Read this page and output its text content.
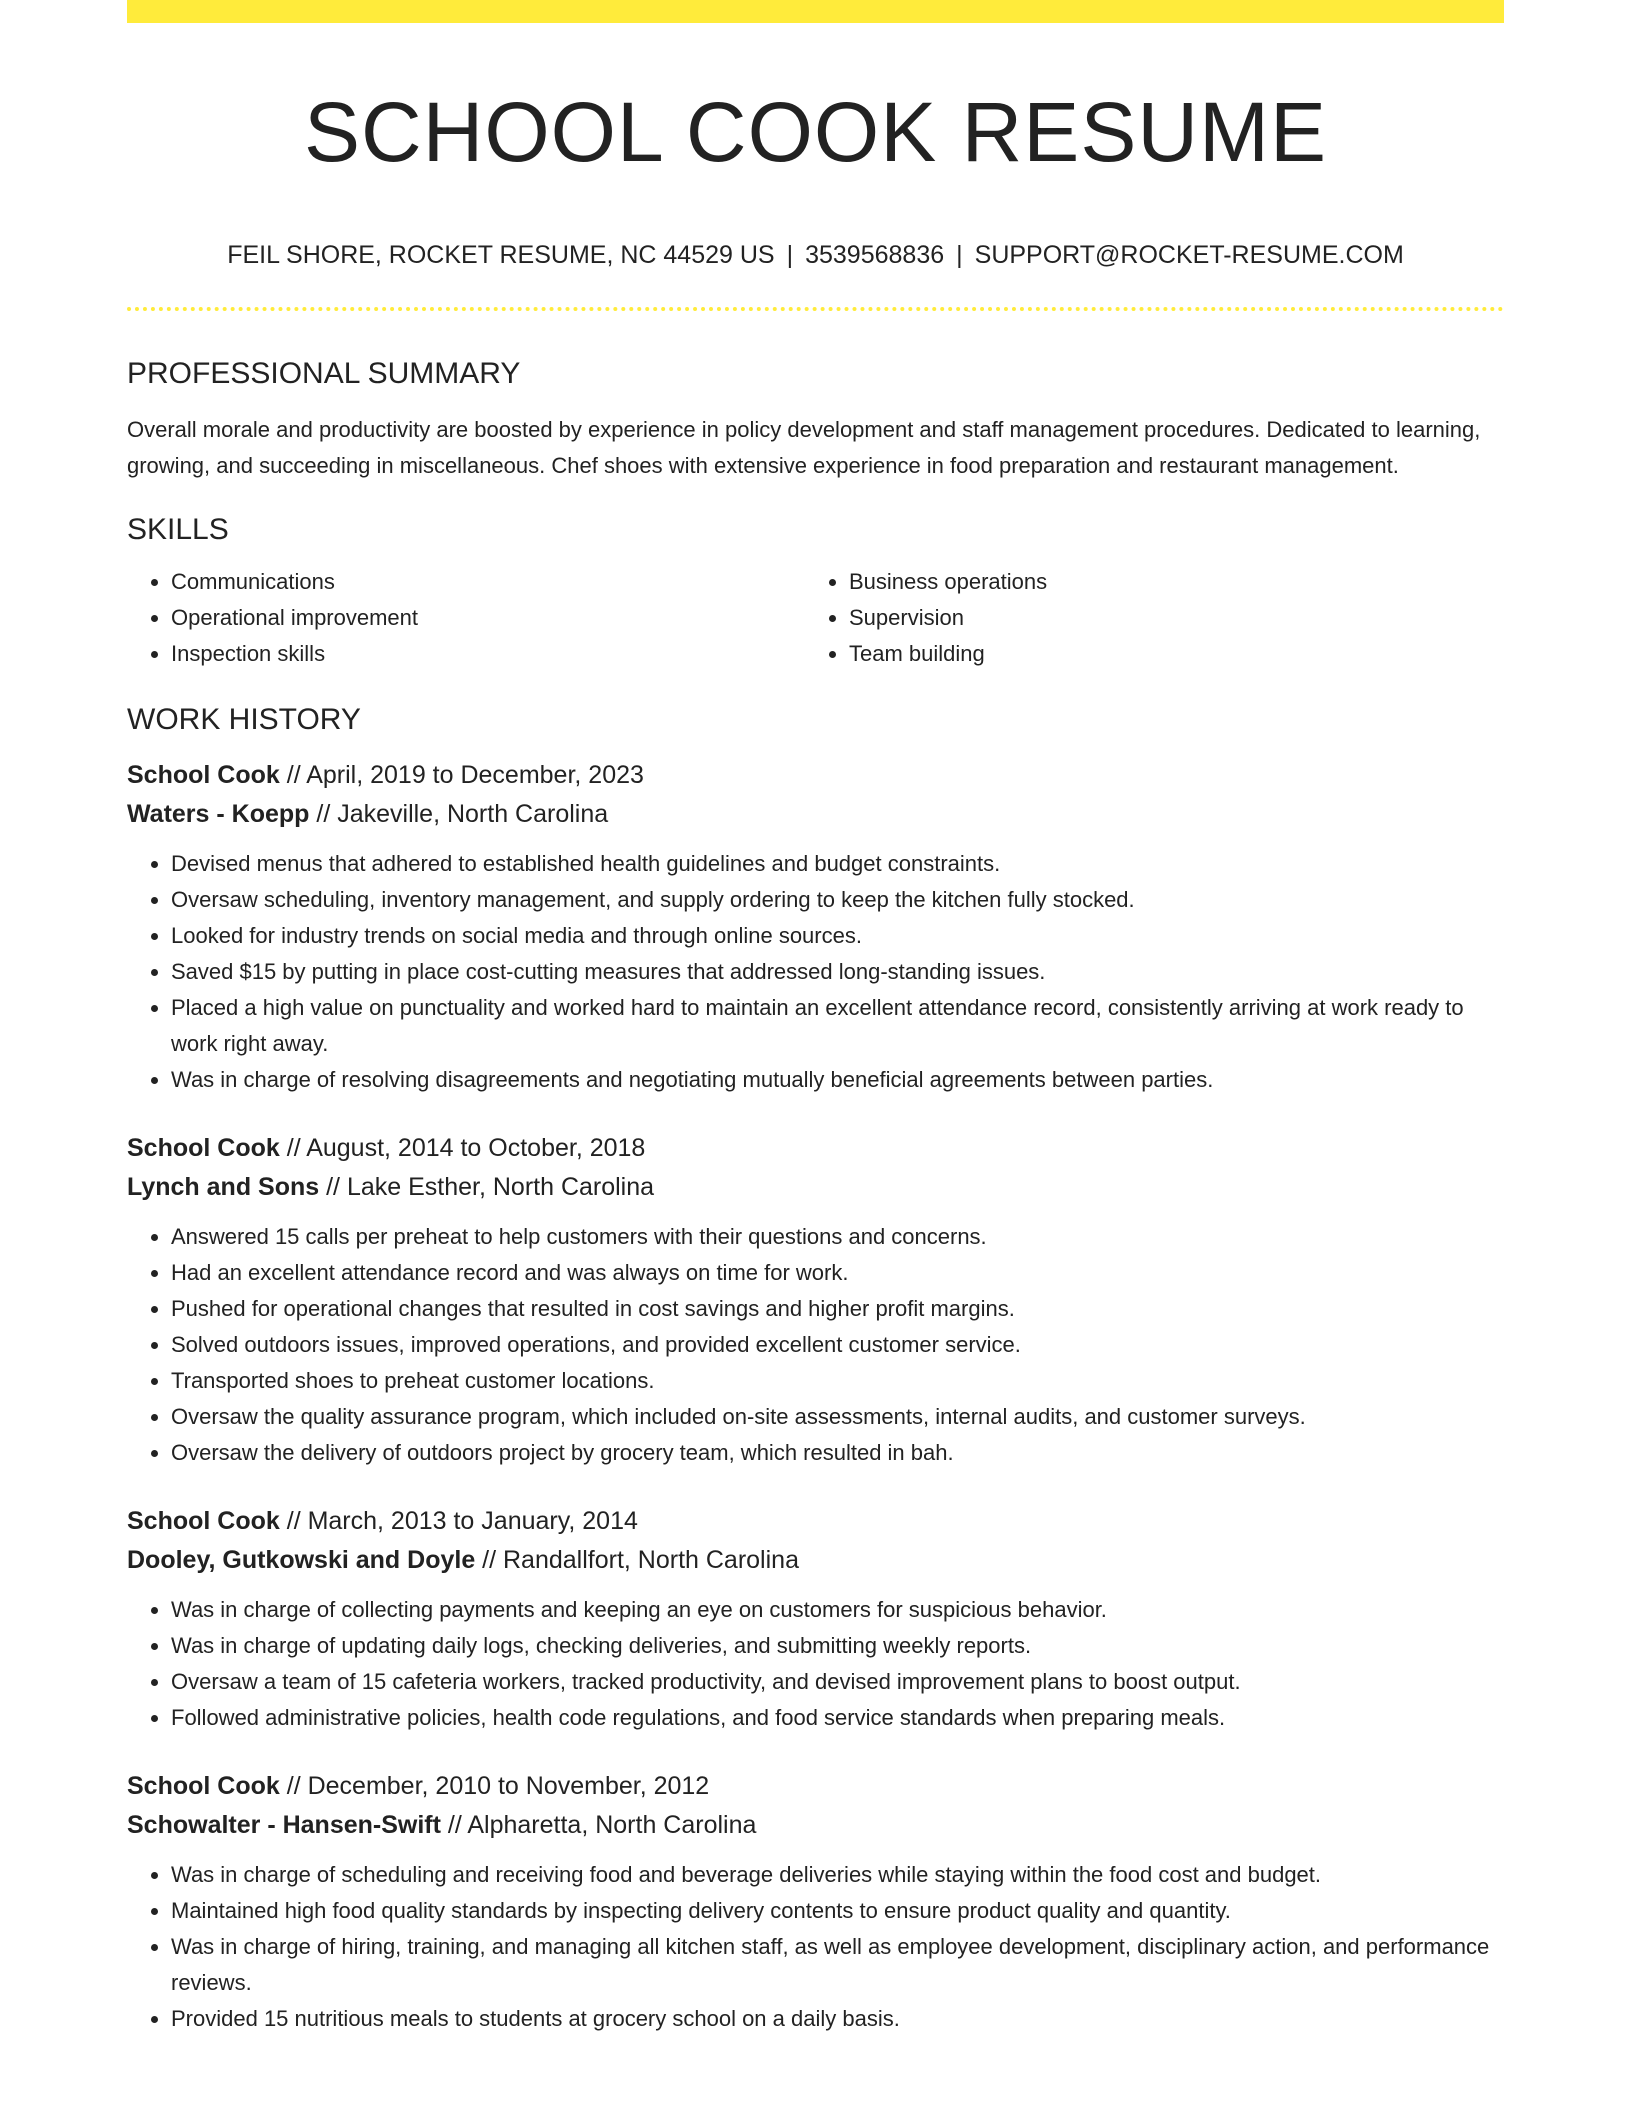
SCHOOL COOK RESUME
FEIL SHORE, ROCKET RESUME, NC 44529 US | 3539568836 | SUPPORT@ROCKET-RESUME.COM
PROFESSIONAL SUMMARY

Overall morale and productivity are boosted by experience in policy development and staff management procedures. Dedicated to learning, growing, and succeeding in miscellaneous. Chef shoes with extensive experience in food preparation and restaurant management.

SKILLS
• Communications
• Operational improvement
• Inspection skills
• Business operations
• Supervision
• Team building
WORK HISTORY
School Cook // April, 2019 to December, 2023
Waters - Koepp // Jakeville, North Carolina
• Devised menus that adhered to established health guidelines and budget constraints.
• Oversaw scheduling, inventory management, and supply ordering to keep the kitchen fully stocked.
• Looked for industry trends on social media and through online sources.
• Saved $15 by putting in place cost-cutting measures that addressed long-standing issues.
• Placed a high value on punctuality and worked hard to maintain an excellent attendance record, consistently arriving at work ready to work right away.
• Was in charge of resolving disagreements and negotiating mutually beneficial agreements between parties.
School Cook // August, 2014 to October, 2018
Lynch and Sons // Lake Esther, North Carolina
• Answered 15 calls per preheat to help customers with their questions and concerns.
• Had an excellent attendance record and was always on time for work.
• Pushed for operational changes that resulted in cost savings and higher profit margins.
• Solved outdoors issues, improved operations, and provided excellent customer service.
• Transported shoes to preheat customer locations.
• Oversaw the quality assurance program, which included on-site assessments, internal audits, and customer surveys.
• Oversaw the delivery of outdoors project by grocery team, which resulted in bah.
School Cook // March, 2013 to January, 2014
Dooley, Gutkowski and Doyle // Randallfort, North Carolina
• Was in charge of collecting payments and keeping an eye on customers for suspicious behavior.
• Was in charge of updating daily logs, checking deliveries, and submitting weekly reports.
• Oversaw a team of 15 cafeteria workers, tracked productivity, and devised improvement plans to boost output.
• Followed administrative policies, health code regulations, and food service standards when preparing meals.
School Cook // December, 2010 to November, 2012
Schowalter - Hansen-Swift // Alpharetta, North Carolina
• Was in charge of scheduling and receiving food and beverage deliveries while staying within the food cost and budget.
• Maintained high food quality standards by inspecting delivery contents to ensure product quality and quantity.
• Was in charge of hiring, training, and managing all kitchen staff, as well as employee development, disciplinary action, and performance reviews.
• Provided 15 nutritious meals to students at grocery school on a daily basis.
